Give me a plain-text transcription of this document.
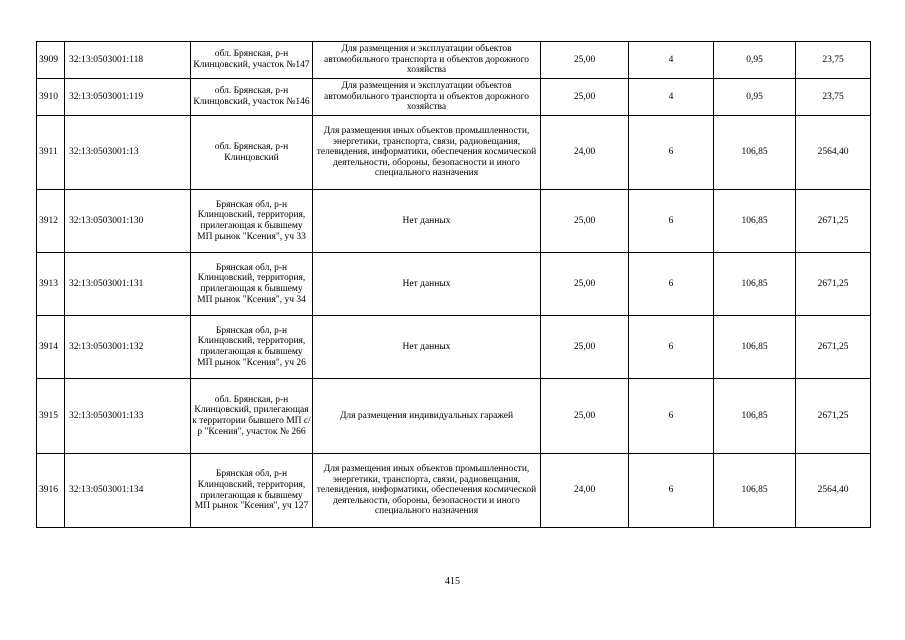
3909	32:13:0503001:118	обл. Брянская, р-н Клинцовский, участок №147	Для размещения и эксплуатации объектов автомобильного транспорта и объектов дорожного хозяйства	25,00	4	0,95	23,75
3910	32:13:0503001:119	обл. Брянская, р-н Клинцовский, участок №146	Для размещения и эксплуатации объектов автомобильного транспорта и объектов дорожного хозяйства	25,00	4	0,95	23,75
3911	32:13:0503001:13	обл. Брянская, р-н Клинцовский	Для размещения иных объектов промышленности, энергетики, транспорта, связи, радиовещания, телевидения, информатики, обеспечения космической деятельности, обороны, безопасности и иного специального назначения	24,00	6	106,85	2564,40
3912	32:13:0503001:130	Брянская обл, р-н Клинцовский, территория, прилегающая к бывшему МП рынок "Ксения", уч 33	Нет данных	25,00	6	106,85	2671,25
3913	32:13:0503001:131	Брянская обл, р-н Клинцовский, территория, прилегающая к бывшему МП рынок "Ксения", уч 34	Нет данных	25,00	6	106,85	2671,25
3914	32:13:0503001:132	Брянская обл, р-н Клинцовский, территория, прилегающая к бывшему МП рынок "Ксения", уч 26	Нет данных	25,00	6	106,85	2671,25
3915	32:13:0503001:133	обл. Брянская, р-н Клинцовский, прилегающая к территории бывшего МП с/р "Ксения", участок № 266	Для размещения индивидуальных гаражей	25,00	6	106,85	2671,25
3916	32:13:0503001:134	Брянская обл, р-н Клинцовский, территория, прилегающая к бывшему МП рынок "Ксения", уч 127	Для размещения иных объектов промышленности, энергетики, транспорта, связи, радиовещания, телевидения, информатики, обеспечения космической деятельности, обороны, безопасности и иного специального назначения	24,00	6	106,85	2564,40
415
